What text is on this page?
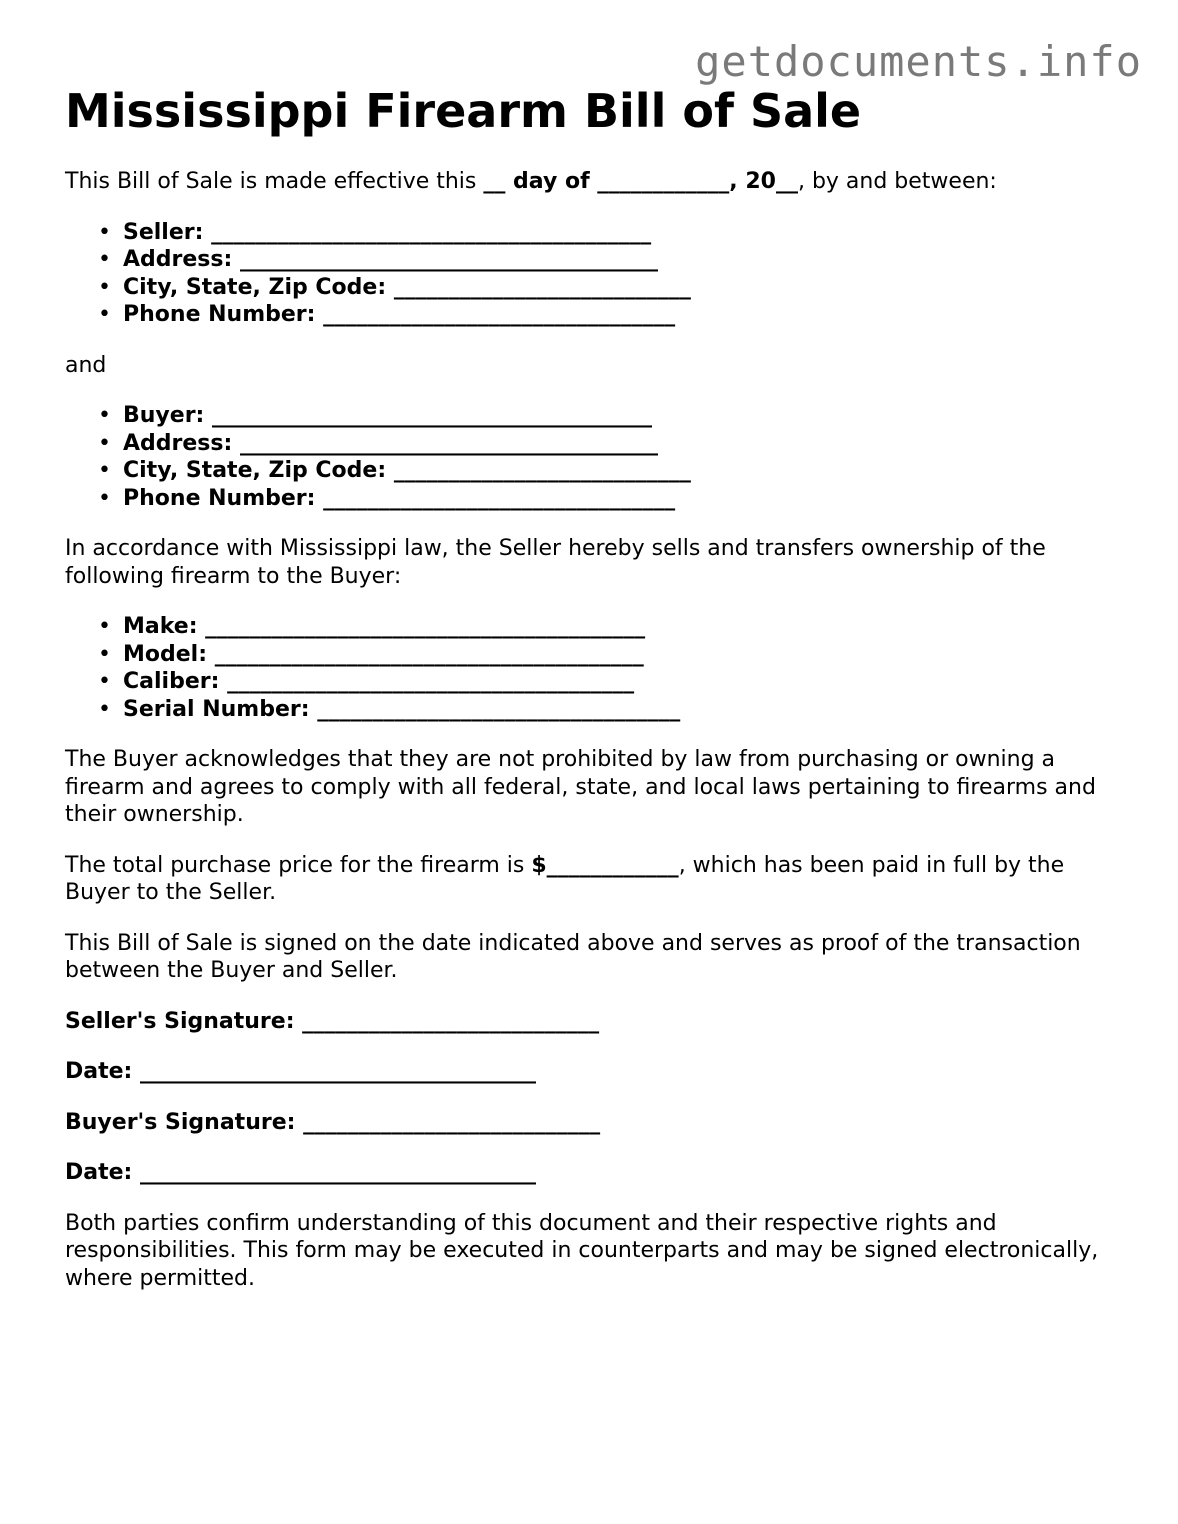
getdocuments.info
Mississippi Firearm Bill of Sale

This Bill of Sale is made effective this __ day of ____________, 20__, by and between:

• Seller: ________________________________________
• Address: ______________________________________
• City, State, Zip Code: ___________________________
• Phone Number: ________________________________

and

• Buyer: ________________________________________
• Address: ______________________________________
• City, State, Zip Code: ___________________________
• Phone Number: ________________________________

In accordance with Mississippi law, the Seller hereby sells and transfers ownership of the following firearm to the Buyer:

• Make: ________________________________________
• Model: _______________________________________
• Caliber: _____________________________________
• Serial Number: _________________________________

The Buyer acknowledges that they are not prohibited by law from purchasing or owning a firearm and agrees to comply with all federal, state, and local laws pertaining to firearms and their ownership.

The total purchase price for the firearm is $____________, which has been paid in full by the Buyer to the Seller.

This Bill of Sale is signed on the date indicated above and serves as proof of the transaction between the Buyer and Seller.

Seller's Signature: ___________________________
Date: ____________________________________
Buyer's Signature: ___________________________
Date: ____________________________________

Both parties confirm understanding of this document and their respective rights and responsibilities. This form may be executed in counterparts and may be signed electronically, where permitted.
